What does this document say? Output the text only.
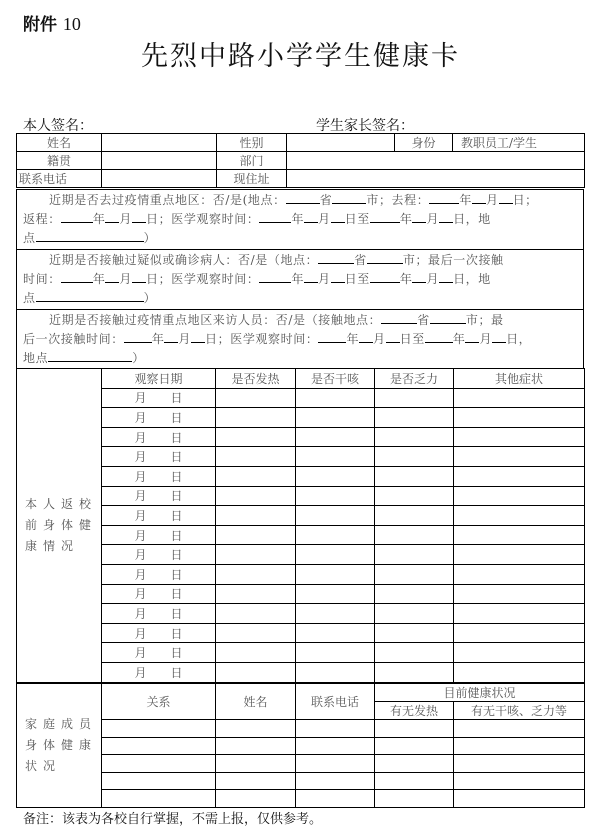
附件 10
先烈中路小学学生健康卡
本人签名：	学生家长签名：
姓名		性别		身份	教职员工/学生
籍贯		部门			
联系电话		现住址			
近期是否去过疫情重点地区：否/是(地点：	省	市；去程：	年 月 日；
返程：	年 月 日；医学观察时间：	年 月 日至	年 月 日，地
点	）
近期是否接触过疑似或确诊病人：否/是（地点：	省	市；最后一次接触
时间：	年 月 日；医学观察时间：	年 月 日至	年 月 日，地
点	）
近期是否接触过疫情重点地区来访人员：否/是（接触地点：	省	市；最
后一次接触时间： 年 月 日；医学观察时间： 年 月 日至 年 月 日，
地点	）
本人返校前身体健康情况	观察日期	是否发热	是否干咳	是否乏力	其他症状
	月 日				
	月 日				
	月 日				
	月 日				
	月 日				
	月 日				
	月 日				
	月 日				
	月 日				
	月 日				
	月 日				
	月 日				
	月 日				
	月 日				
	月 日				
家庭成员身体健康状况	关系	姓名	联系电话	目前健康状况	
				有无发热	有无干咳、乏力等

备注：该表为各校自行掌握，不需上报，仅供参考。
